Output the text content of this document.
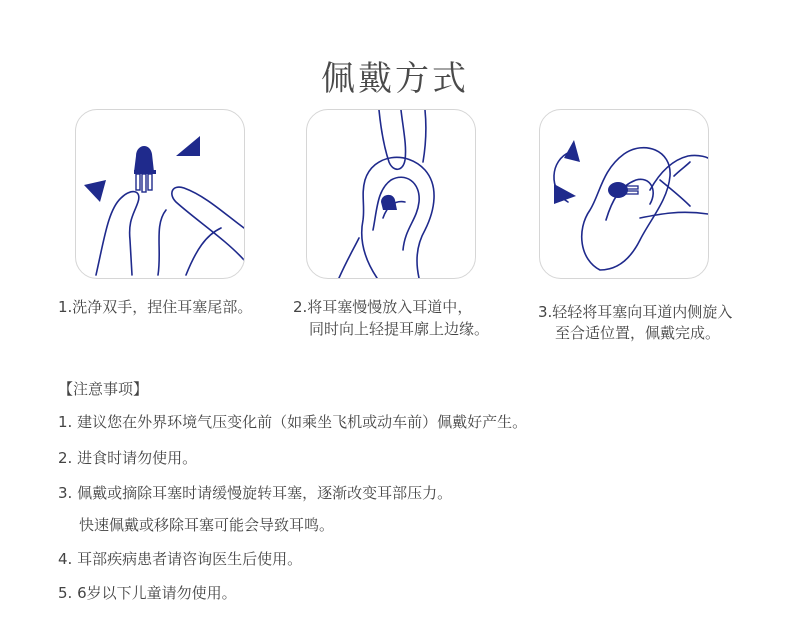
佩戴方式
1.洗净双手，捏住耳塞尾部。	2.将耳塞慢慢放入耳道中，
同时向上轻提耳廓上边缘。
3.轻轻将耳塞向耳道内侧旋入
至合适位置，佩戴完成。
【注意事项】
1. 建议您在外界环境气压变化前（如乘坐飞机或动车前）佩戴好产生。
2. 进食时请勿使用。
3. 佩戴或摘除耳塞时请缓慢旋转耳塞，逐渐改变耳部压力。
快速佩戴或移除耳塞可能会导致耳鸣。
4. 耳部疾病患者请咨询医生后使用。
5. 6岁以下儿童请勿使用。
